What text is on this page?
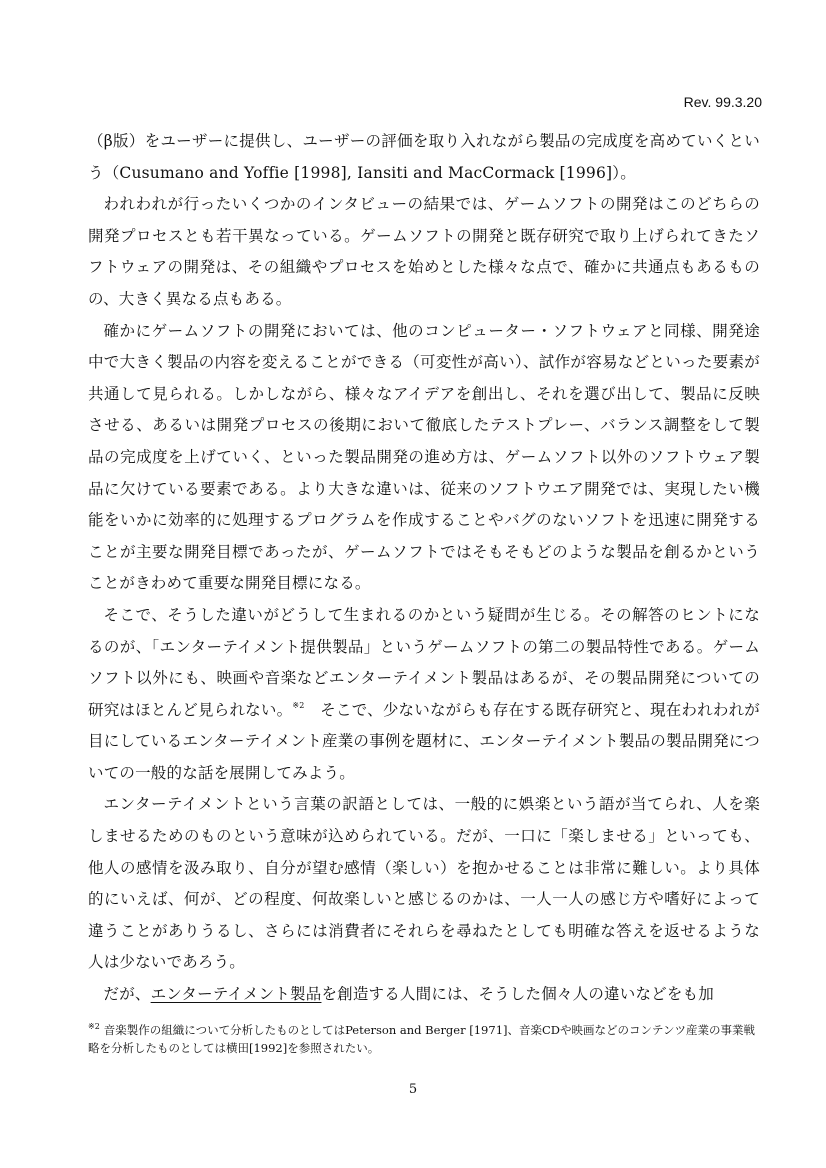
Rev. 99.3.20

（β版）をユーザーに提供し、ユーザーの評価を取り入れながら製品の完成度を高めていくという（Cusumano and Yoffie [1998], Iansiti and MacCormack [1996]）。

われわれが行ったいくつかのインタビューの結果では、ゲームソフトの開発はこのどちらの開発プロセスとも若干異なっている。ゲームソフトの開発と既存研究で取り上げられてきたソフトウェアの開発は、その組織やプロセスを始めとした様々な点で、確かに共通点もあるものの、大きく異なる点もある。

確かにゲームソフトの開発においては、他のコンピューター・ソフトウェアと同様、開発途中で大きく製品の内容を変えることができる（可変性が高い）、試作が容易などといった要素が共通して見られる。しかしながら、様々なアイデアを創出し、それを選び出して、製品に反映させる、あるいは開発プロセスの後期において徹底したテストプレー、バランス調整をして製品の完成度を上げていく、といった製品開発の進め方は、ゲームソフト以外のソフトウェア製品に欠けている要素である。より大きな違いは、従来のソフトウエア開発では、実現したい機能をいかに効率的に処理するプログラムを作成することやバグのないソフトを迅速に開発することが主要な開発目標であったが、ゲームソフトではそもそもどのような製品を創るかということがきわめて重要な開発目標になる。

そこで、そうした違いがどうして生まれるのかという疑問が生じる。その解答のヒントになるのが、「エンターテイメント提供製品」というゲームソフトの第二の製品特性である。ゲームソフト以外にも、映画や音楽などエンターテイメント製品はあるが、その製品開発についての研究はほとんど見られない。$^{※2}$　そこで、少ないながらも存在する既存研究と、現在われわれが目にしているエンターテイメント産業の事例を題材に、エンターテイメント製品の製品開発についての一般的な話を展開してみよう。

エンターテイメントという言葉の訳語としては、一般的に娯楽という語が当てられ、人を楽しませるためのものという意味が込められている。だが、一口に「楽しませる」といっても、他人の感情を汲み取り、自分が望む感情（楽しい）を抱かせることは非常に難しい。より具体的にいえば、何が、どの程度、何故楽しいと感じるのかは、一人一人の感じ方や嗜好によって違うことがありうるし、さらには消費者にそれらを尋ねたとしても明確な答えを返せるような人は少ないであろう。

だが、エンターテイメント製品を創造する人間には、そうした個々人の違いなどをも加

$^{※2}$ 音楽製作の組織について分析したものとしてはPeterson and Berger [1971]、音楽CDや映画などのコンテンツ産業の事業戦略を分析したものとしては横田[1992]を参照されたい。
5
